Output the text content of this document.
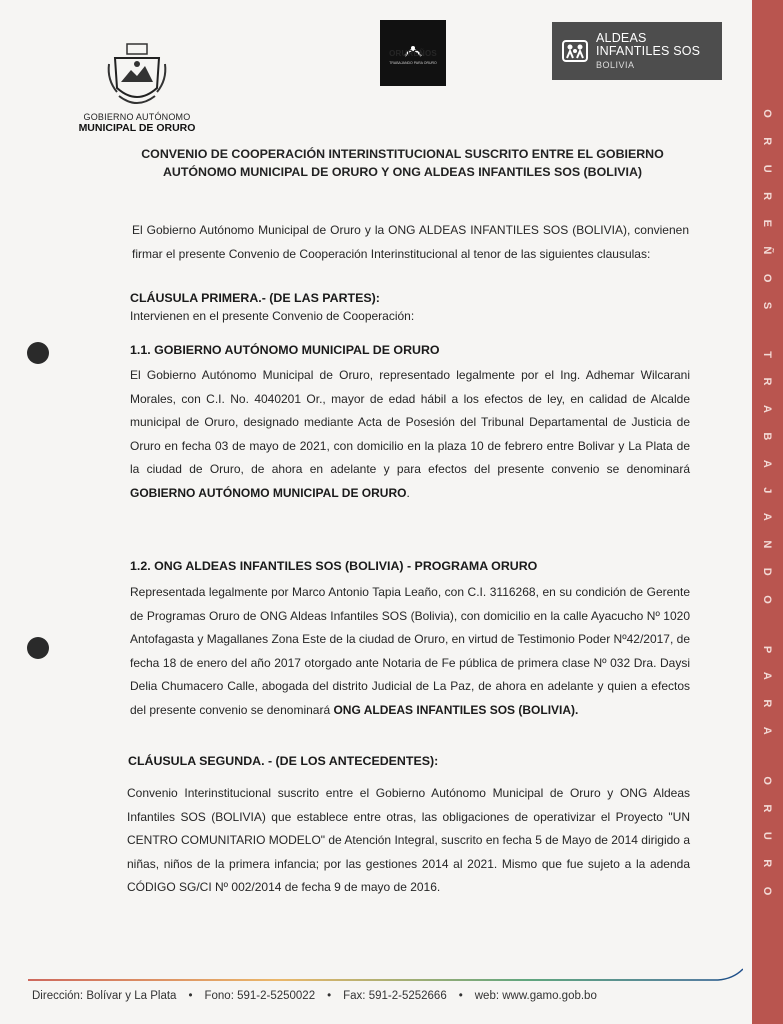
GOBIERNO AUTÓNOMO
MUNICIPAL DE ORURO
ORUREÑOS
TRABAJANDO PARA ORURO
ALDEAS
INFANTILES SOS
BOLIVIA
ORUREÑOS TRABAJANDO PARA ORURO
CONVENIO DE COOPERACIÓN INTERINSTITUCIONAL SUSCRITO ENTRE EL GOBIERNO AUTÓNOMO MUNICIPAL DE ORURO Y ONG ALDEAS INFANTILES SOS (BOLIVIA)
El Gobierno Autónomo Municipal de Oruro y la ONG ALDEAS INFANTILES SOS (BOLIVIA), convienen firmar el presente Convenio de Cooperación Interinstitucional al tenor de las siguientes clausulas:
CLÁUSULA PRIMERA.- (DE LAS PARTES):
Intervienen en el presente Convenio de Cooperación:
1.1. GOBIERNO AUTÓNOMO MUNICIPAL DE ORURO
El Gobierno Autónomo Municipal de Oruro, representado legalmente por el Ing. Adhemar Wilcarani Morales, con C.I. No. 4040201 Or., mayor de edad hábil a los efectos de ley, en calidad de Alcalde municipal de Oruro, designado mediante Acta de Posesión del Tribunal Departamental de Justicia de Oruro en fecha 03 de mayo de 2021, con domicilio en la plaza 10 de febrero entre Bolivar y La Plata de la ciudad de Oruro, de ahora en adelante y para efectos del presente convenio se denominará GOBIERNO AUTÓNOMO MUNICIPAL DE ORURO.
1.2. ONG ALDEAS INFANTILES SOS (BOLIVIA) - PROGRAMA ORURO
Representada legalmente por Marco Antonio Tapia Leaño, con C.I. 3116268, en su condición de Gerente de Programas Oruro de ONG Aldeas Infantiles SOS (Bolivia), con domicilio en la calle Ayacucho Nº 1020 Antofagasta y Magallanes Zona Este de la ciudad de Oruro, en virtud de Testimonio Poder Nº42/2017, de fecha 18 de enero del año 2017 otorgado ante Notaria de Fe pública de primera clase Nº 032 Dra. Daysi Delia Chumacero Calle, abogada del distrito Judicial de La Paz, de ahora en adelante y quien a efectos del presente convenio se denominará ONG ALDEAS INFANTILES SOS (BOLIVIA).
CLÁUSULA SEGUNDA. - (DE LOS ANTECEDENTES):
Convenio Interinstitucional suscrito entre el Gobierno Autónomo Municipal de Oruro y ONG Aldeas Infantiles SOS (BOLIVIA) que establece entre otras, las obligaciones de operativizar el Proyecto "UN CENTRO COMUNITARIO MODELO" de Atención Integral, suscrito en fecha 5 de Mayo de 2014 dirigido a niñas, niños de la primera infancia; por las gestiones 2014 al 2021. Mismo que fue sujeto a la adenda CÓDIGO SG/CI Nº 002/2014 de fecha 9 de mayo de 2016.
Dirección: Bolívar y La Plata • Fono: 591-2-5250022 • Fax: 591-2-5252666 • web: www.gamo.gob.bo
